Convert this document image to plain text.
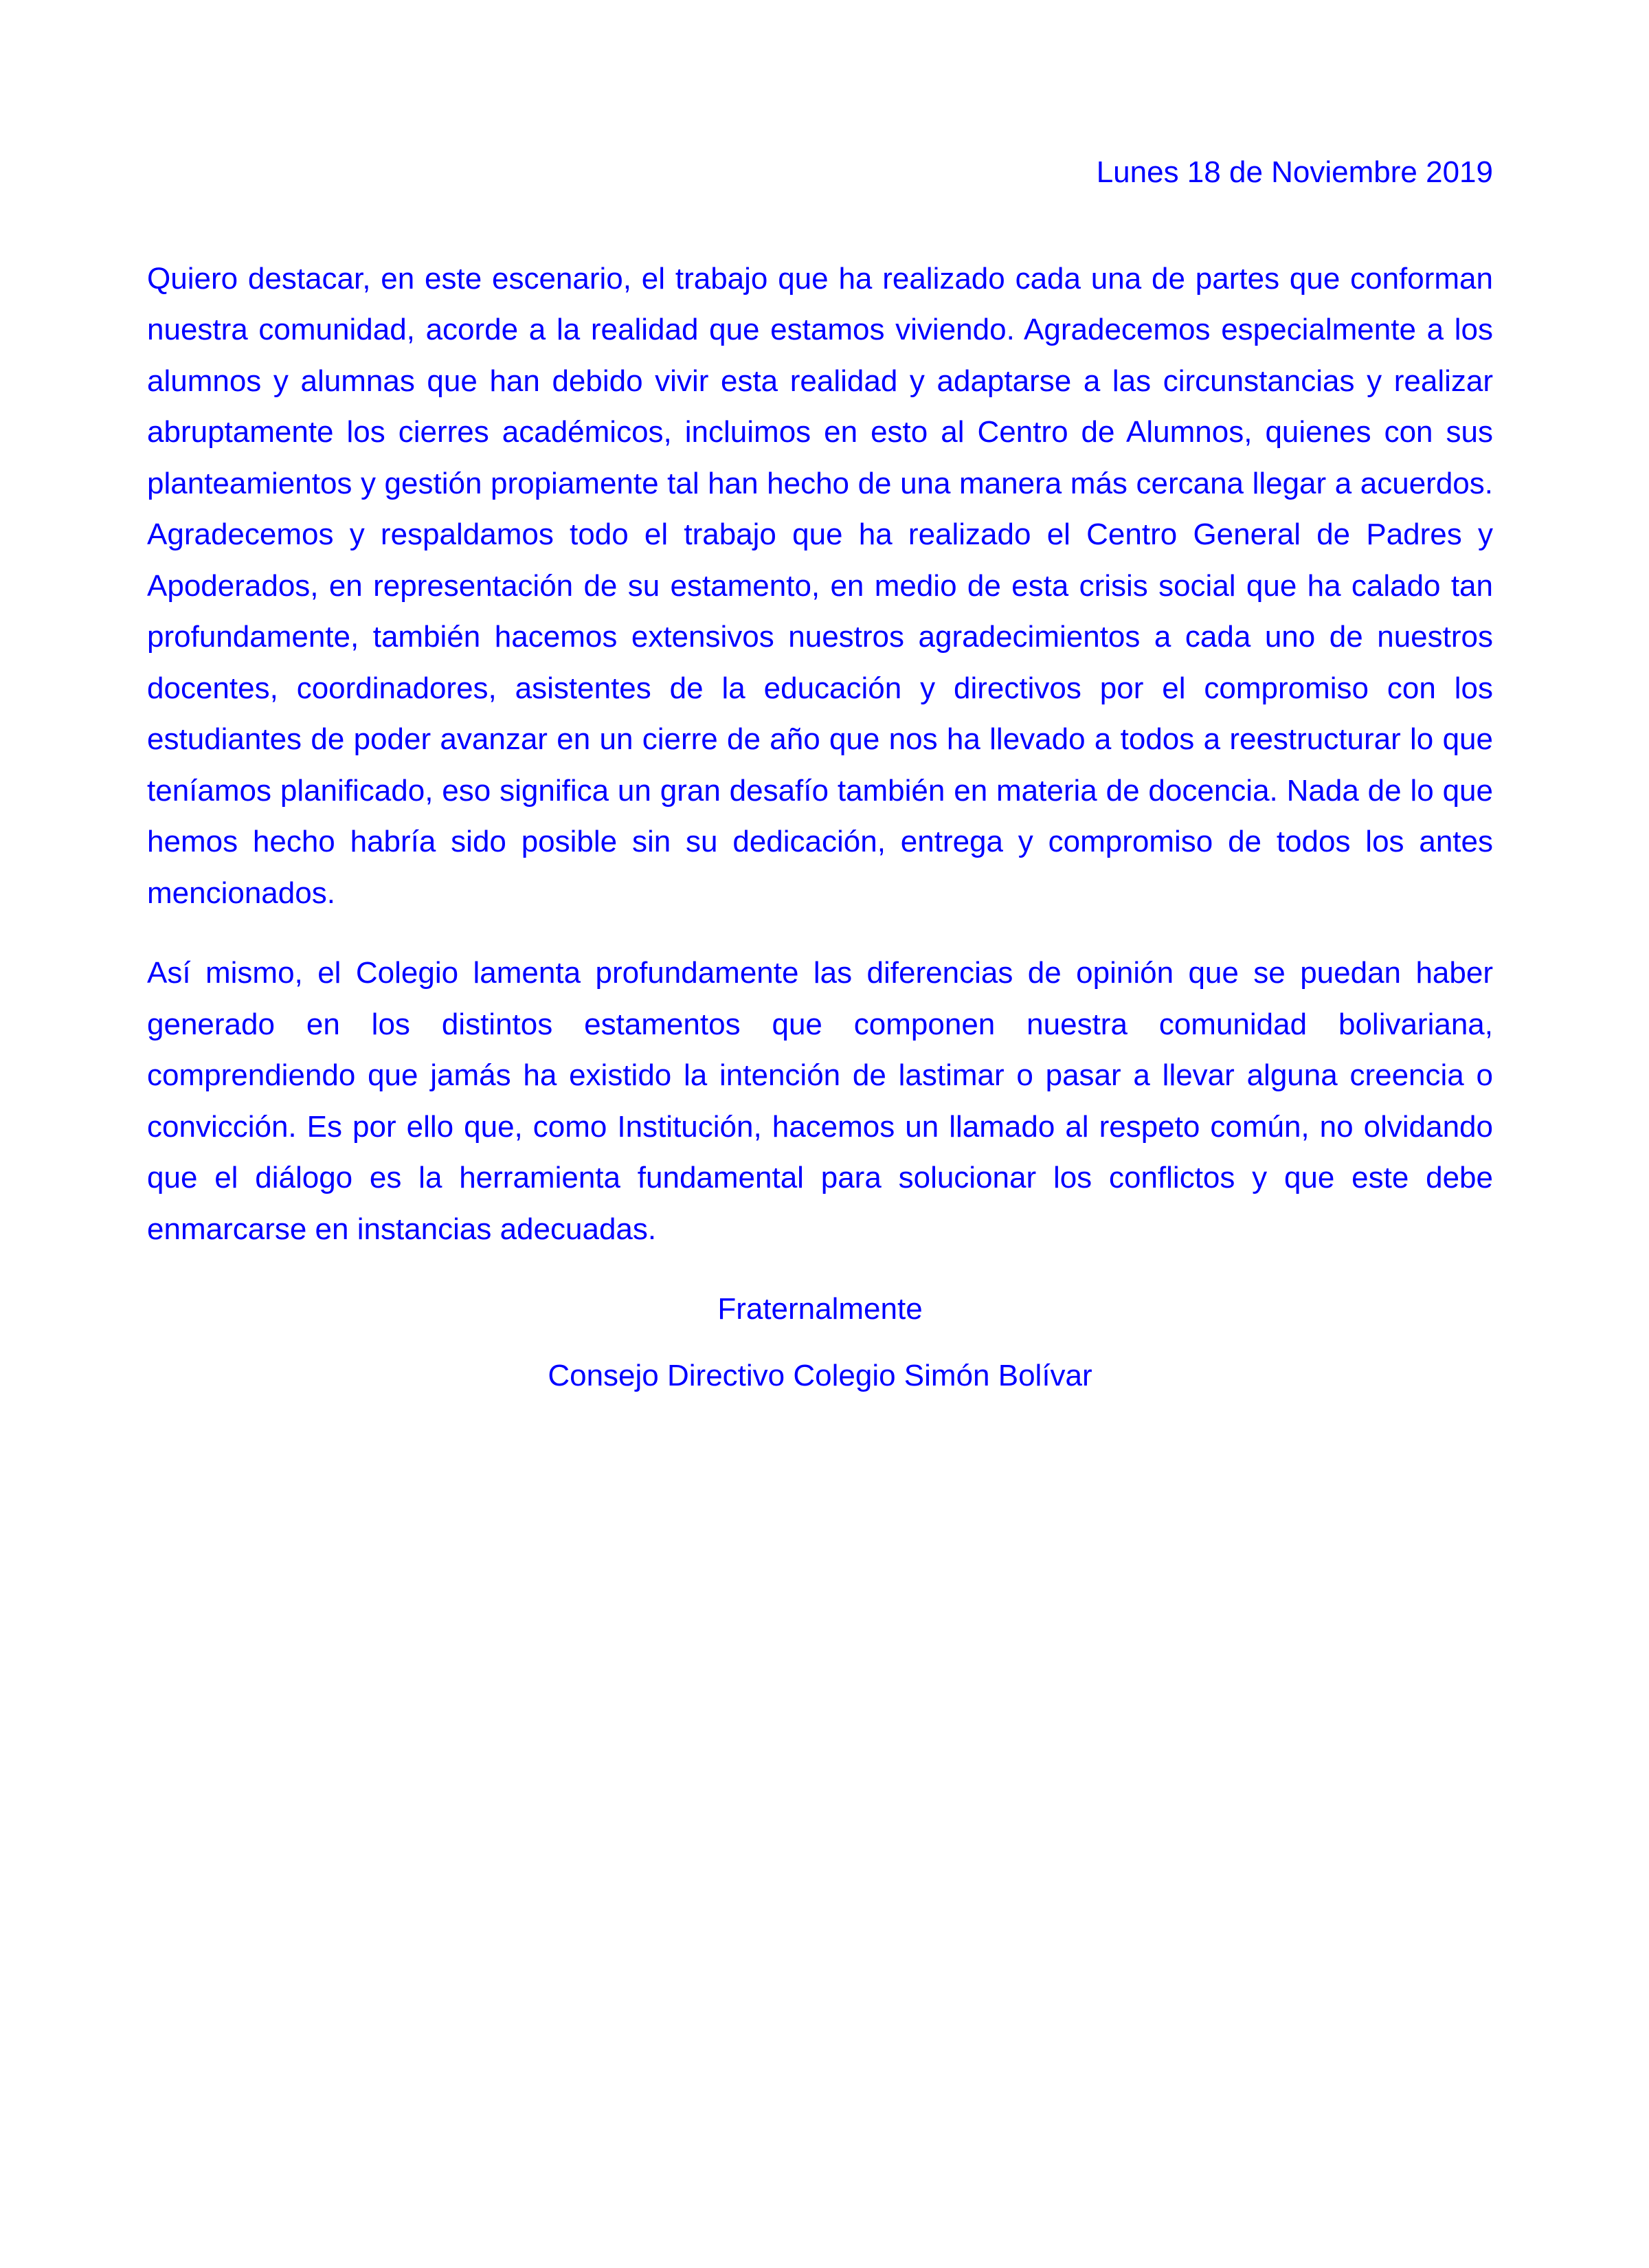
Lunes 18 de Noviembre 2019

Quiero destacar, en este escenario, el trabajo que ha realizado cada una de partes que conforman nuestra comunidad, acorde a la realidad que estamos viviendo. Agradecemos especialmente a los alumnos y alumnas que han debido vivir esta realidad y adaptarse a las circunstancias y realizar abruptamente los cierres académicos, incluimos en esto al Centro de Alumnos, quienes con sus planteamientos y gestión propiamente tal han hecho de una manera más cercana llegar a acuerdos. Agradecemos y respaldamos todo el trabajo que ha realizado el Centro General de Padres y Apoderados, en representación de su estamento, en medio de esta crisis social que ha calado tan profundamente, también hacemos extensivos nuestros agradecimientos a cada uno de nuestros docentes, coordinadores, asistentes de la educación y directivos por el compromiso con los estudiantes de poder avanzar en un cierre de año que nos ha llevado a todos a reestructurar lo que teníamos planificado, eso significa un gran desafío también en materia de docencia. Nada de lo que hemos hecho habría sido posible sin su dedicación, entrega y compromiso de todos los antes mencionados.

Así mismo, el Colegio lamenta profundamente las diferencias de opinión que se puedan haber generado en los distintos estamentos que componen nuestra comunidad bolivariana, comprendiendo que jamás ha existido la intención de lastimar o pasar a llevar alguna creencia o convicción. Es por ello que, como Institución, hacemos un llamado al respeto común, no olvidando que el diálogo es la herramienta fundamental para solucionar los conflictos y que este debe enmarcarse en instancias adecuadas.

Fraternalmente

Consejo Directivo Colegio Simón Bolívar
